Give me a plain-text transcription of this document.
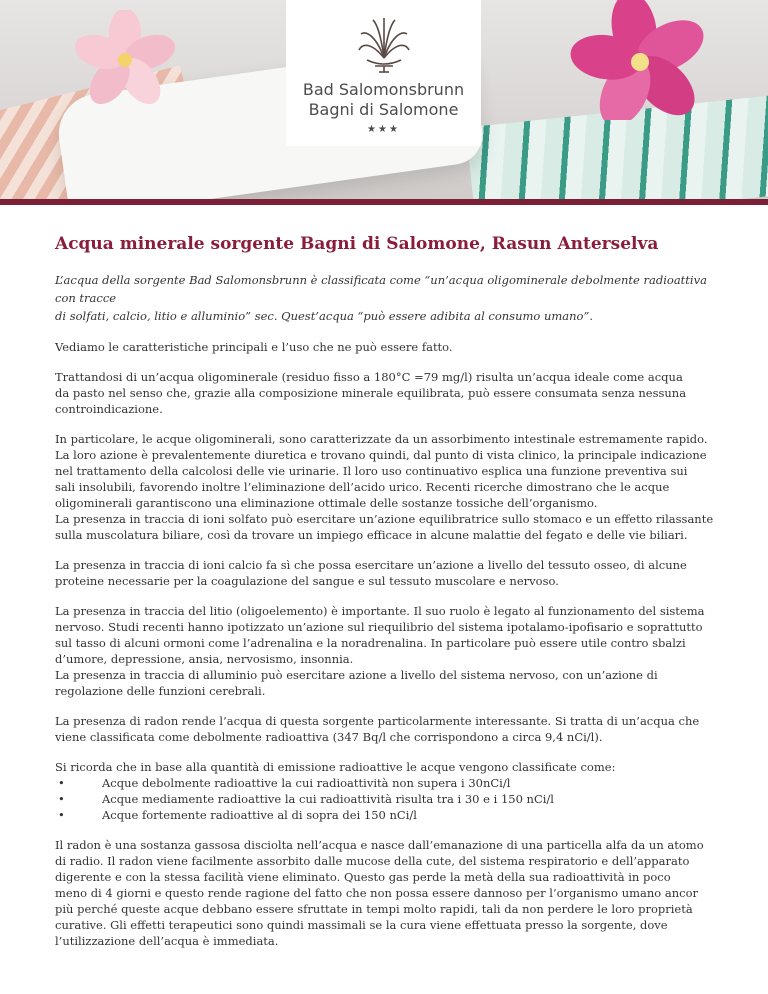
Bad Salomonsbrunn
Bagni di Salomone
★★★
Acqua minerale sorgente Bagni di Salomone, Rasun Anterselva

L’acqua della sorgente Bad Salomonsbrunn è classificata come “un’acqua oligominerale debolmente radioattiva con tracce
di solfati, calcio, litio e alluminio” sec. Quest’acqua “può essere adibita al consumo umano”.

Vediamo le caratteristiche principali e l’uso che ne può essere fatto.

Trattandosi di un’acqua oligominerale (residuo fisso a 180°C =79 mg/l) risulta un’acqua ideale come acqua
da pasto nel senso che, grazie alla composizione minerale equilibrata, può essere consumata senza nessuna
controindicazione.

In particolare, le acque oligominerali, sono caratterizzate da un assorbimento intestinale estremamente rapido.
La loro azione è prevalentemente diuretica e trovano quindi, dal punto di vista clinico, la principale indicazione
nel trattamento della calcolosi delle vie urinarie. Il loro uso continuativo esplica una funzione preventiva sui
sali insolubili, favorendo inoltre l’eliminazione dell’acido urico. Recenti ricerche dimostrano che le acque
oligominerali garantiscono una eliminazione ottimale delle sostanze tossiche dell’organismo.
La presenza in traccia di ioni solfato può esercitare un’azione equilibratrice sullo stomaco e un effetto rilassante
sulla muscolatura biliare, così da trovare un impiego efficace in alcune malattie del fegato e delle vie biliari.

La presenza in traccia di ioni calcio fa sì che possa esercitare un’azione a livello del tessuto osseo, di alcune
proteine necessarie per la coagulazione del sangue e sul tessuto muscolare e nervoso.

La presenza in traccia del litio (oligoelemento) è importante. Il suo ruolo è legato al funzionamento del sistema
nervoso. Studi recenti hanno ipotizzato un’azione sul riequilibrio del sistema ipotalamo-ipofisario e soprattutto
sul tasso di alcuni ormoni come l’adrenalina e la noradrenalina. In particolare può essere utile contro sbalzi
d’umore, depressione, ansia, nervosismo, insonnia.
La presenza in traccia di alluminio può esercitare azione a livello del sistema nervoso, con un’azione di
regolazione delle funzioni cerebrali.

La presenza di radon rende l’acqua di questa sorgente particolarmente interessante. Si tratta di un’acqua che
viene classificata come debolmente radioattiva (347 Bq/l che corrispondono a circa 9,4 nCi/l).

Si ricorda che in base alla quantità di emissione radioattive le acque vengono classificate come:

• Acque debolmente radioattive la cui radioattività non supera i 30nCi/l
• Acque mediamente radioattive la cui radioattività risulta tra i 30 e i 150 nCi/l
• Acque fortemente radioattive al di sopra dei 150 nCi/l

Il radon è una sostanza gassosa disciolta nell’acqua e nasce dall’emanazione di una particella alfa da un atomo
di radio. Il radon viene facilmente assorbito dalle mucose della cute, del sistema respiratorio e dell’apparato
digerente e con la stessa facilità viene eliminato. Questo gas perde la metà della sua radioattività in poco
meno di 4 giorni e questo rende ragione del fatto che non possa essere dannoso per l’organismo umano ancor
più perché queste acque debbano essere sfruttate in tempi molto rapidi, tali da non perdere le loro proprietà
curative. Gli effetti terapeutici sono quindi massimali se la cura viene effettuata presso la sorgente, dove
l’utilizzazione dell’acqua è immediata.
